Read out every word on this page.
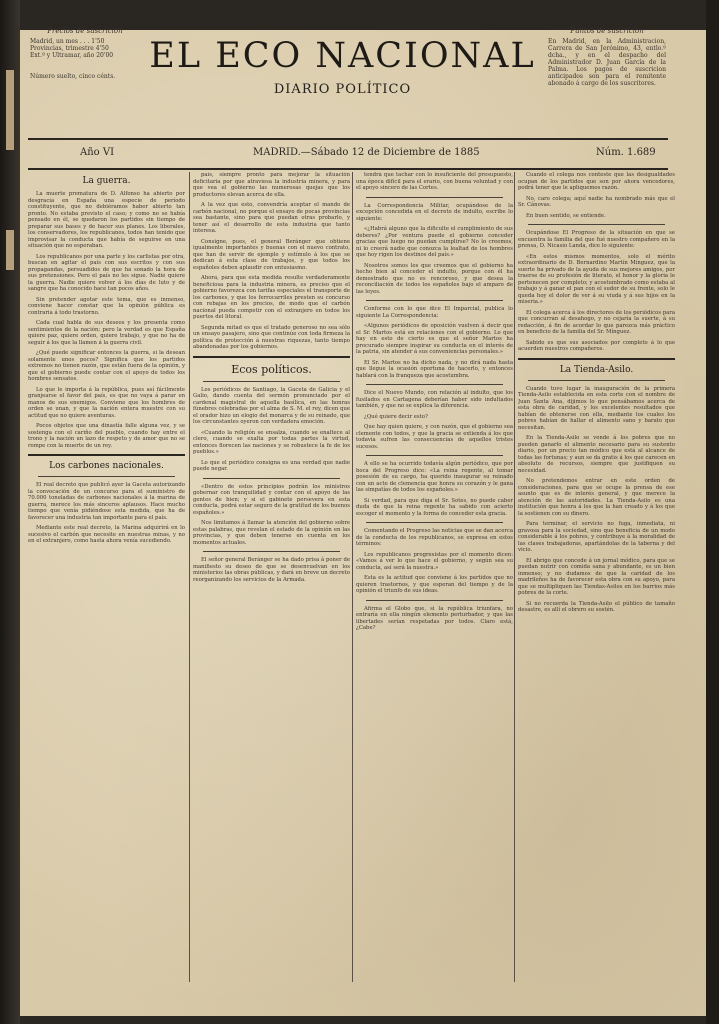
Precios de suscricion
Madrid, un mes . . . 1'50
Provincias, trimestre 4'50
Ext.º y Ultramar, año 20'00
Número suelto, cinco cénts.
EL ECO NACIONAL
DIARIO POLÍTICO
Puntos de suscricion
En Madrid, en la Administracion, Carrera de San Jerónimo, 43, entlo.º dcha., y en el despacho del Administrador D. Juan García de la Palma. Los pagos de suscricion anticipados son para el remitente abonado á cargo de los suscritores.
Año VI	MADRID.—Sábado 12 de Diciembre de 1885	Núm. 1.689
La guerra.

La muerte prematura de D. Alfonso ha abierto por desgracia en España una especie de período constituyente, que no debiéramos haber abierto tan pronto. No estaba previsto el caso; y como no se había pensado en él, se quedaron los partidos sin tiempo de preparar sus bases y de hacer sus planes. Los liberales, los conservadores, los republicanos, todos han tenido que improvisar la conducta que había de seguirse en una situación que no esperaban.

Los republicanos por una parte y los carlistas por otra, buscan en agitar el país con sus escritos y con sus propagandas, persuadidos de que ha sonado la hora de sus pretensiones. Pero el país no les sigue. Nadie quiere la guerra. Nadie quiere volver á los días de luto y de sangre que ha conocido hace tan pocos años.

Sin pretender agotar este tema, que es inmenso, conviene hacer constar que la opinión pública es contraria á todo trastorno.

Cada cual habla de sus deseos y los presenta como sentimientos de la nación; pero la verdad es que España quiere paz, quiere orden, quiere trabajo, y que no ha de seguir á los que la llamen á la guerra civil.

¿Qué puede significar entonces la guerra, si la desean solamente unos pocos? Significa que los partidos extremos no tienen razón, que están fuera de la opinión, y que el gobierno puede contar con el apoyo de todos los hombres sensatos.

Lo que le importa á la república, pues así fácilmente granjearse el favor del país, es que no vaya á parar en manos de sus enemigos. Conviene que los hombres de orden se unan, y que la nación entera muestre con su actitud que no quiere aventuras.

Pocos objetos que una dinastía falle alguna vez, y se sostenga con el cariño del pueblo, cuando hay entre el trono y la nación un lazo de respeto y de amor que no se rompe con la muerte de un rey.

Los carbones nacionales.

El real decreto que publicó ayer la Gaceta autorizando la convocación de un concurso para el suministro de 70.000 toneladas de carbones nacionales á la marina de guerra, merece los más sinceros aplausos. Hace mucho tiempo que venía pidiéndose esta medida, que ha de favorecer una industria tan importante para el país.

Mediante este real decreto, la Marina adquirirá en lo sucesivo el carbón que necesite en nuestras minas, y no en el extranjero, como hasta ahora venía sucediendo.

país, siempre pronto para mejorar la situación deficitaria por que atraviesa la industria minera, y para que vea el gobierno las numerosas quejas que los productores elevan acerca de ella.

A la vez que esto, convendría aceptar el mando de carbón nacional, no porque el ensayo de pocas provincias sea bastante, sino para que puedan otras probarlo, y tener así el desarrollo de esta industria que tanto interesa.

Consigne, pues, el general Beránger que obtiene igualmente importantes y buenas con el nuevo contrato, que han de servir de ejemplo y estímulo á los que se dedican á esta clase de trabajos, y que todos los españoles deben aplaudir con entusiasmo.

Ahora, para que esta medida resulte verdaderamente beneficiosa para la industria minera, es preciso que el gobierno favorezca con tarifas especiales el transporte de los carbones, y que los ferrocarriles presten su concurso con rebajas en los precios, de modo que el carbón nacional pueda competir con el extranjero en todos los puertos del litoral.

Segunda mitad es que el tratado generoso no sea sólo un ensayo pasajero, sino que continúe con toda firmeza la política de protección á nuestras riquezas, tanto tiempo abandonadas por los gobiernos.

Ecos políticos.

Los periódicos de Santiago, la Gaceta de Galicia y el Galio, dando cuenta del sermón pronunciado por el cardenal magistral de aquella basílica, en las honras fúnebres celebradas por el alma de S. M. el rey, dicen que el orador hizo un elogio del monarca y de su reinado, que los circunstantes oyeron con verdadera emoción.

«Cuando la religión se ensalza, cuando se enaltece al clero, cuando se exalta por todas partes la virtud, entonces florecen las naciones y se robustece la fe de los pueblos.»

Lo que el periódico consigna es una verdad que nadie puede negar.

«Dentro de estos principios podrán los ministros gobernar con tranquilidad y contar con el apoyo de las gentes de bien; y si el gabinete persevera en esta conducta, podrá estar seguro de la gratitud de los buenos españoles.»

Nos limitamos á llamar la atención del gobierno sobre estas palabras, que revelan el estado de la opinión en las provincias, y que deben tenerse en cuenta en los momentos actuales.

El señor general Beránger se ha dado prisa á poner de manifiesto su deseo de que se desenvuelvan en los ministerios las obras públicas, y dará en breve un decreto reorganizando los servicios de la Armada.

tendrá que tachar con lo insuficiente del presupuesto, una época difícil para el erario, con buena voluntad y con el apoyo sincero de las Cortes.

La Correspondencia Militar, ocupándose de la excepción concedida en el decreto de indulto, escribe lo siguiente:

«¿Habrá alguno que la dificulte el cumplimiento de sus deberes? ¿Por ventura puede el gobierno conceder gracias que luego no puedan cumplirse? No lo creemos, ni lo creerá nadie que conozca la lealtad de los hombres que hoy rigen los destinos del país.»

Nosotros somos los que creemos que el gobierno ha hecho bien al conceder el indulto, porque con él ha demostrado que no es rencoroso, y que desea la reconciliación de todos los españoles bajo el amparo de las leyes.

Conforme con lo que dice El Imparcial, publica lo siguiente La Correspondencia:

«Algunos periódicos de oposición vuelven á decir que el Sr. Martos está en relaciones con el gobierno. Lo que hay en esto de cierto es que el señor Martos ha procurado siempre inspirar su conducta en el interés de la patria, sin atender á sus conveniencias personales.»

El Sr. Martos no ha dicho nada, y no dirá nada hasta que llegue la ocasión oportuna de hacerlo, y entonces hablará con la franqueza que acostumbra.

Dice el Nuevo Mundo, con relación al indulto, que los fusilados en Cartagena deberían haber sido indultados también, y que no se explica la diferencia.

¿Qué quiere decir esto?

Que hay quien quiere, y con razón, que el gobierno sea clemente con todos, y que la gracia se extienda á los que todavía sufren las consecuencias de aquellos tristes sucesos.

A ello se ha ocurrido todavía algún periódico, que por boca del Progreso dice: «La reina regente, al tomar posesión de su cargo, ha querido inaugurar su reinado con un acto de clemencia que honra su corazón y le gana las simpatías de todos los españoles.»

Si verdad, para que diga el Sr. Sotes, no puede caber duda de que la reina regente ha sabido con acierto escoger el momento y la forma de conceder esta gracia.

Comentando el Progreso las noticias que se dan acerca de la conducta de los republicanos, se expresa en estos términos:

Los republicanos progresistas por el momento dicen: «Vamos á ver lo que hace el gobierno, y según sea su conducta, así será la nuestra.»

Esta es la actitud que conviene á los partidos que no quieren trastornos, y que esperan del tiempo y de la opinión el triunfo de sus ideas.

Afirma el Globo que, si la república triunfara, no entraría en ella ningún elemento perturbador, y que las libertades serían respetadas por todos. Claro está, ¿Cabe?

Cuando el colega nos conteste que las desigualdades ocupan de los partidos que son por ahora vencedores, podrá tener que le apliquemos razón.

No, caro colega; aquí nadie ha nombrado más que el Sr. Cánovas.

En buen sentido, se entiende.

Ocupándose El Progreso de la situación en que se encuentra la familia del que fué nuestro compañero en la prensa, D. Nicasio Landa, dice lo siguiente:

«En estos mismos momentos, solo el mérito extraordinario de D. Bernardino Martín Mínguez, que la suerte ha privado de la ayuda de sus mejores amigos, por traerse de su profesión de literato, el honor y la gloria le pertenecen por completo; y acostumbrado como estaba al trabajo y á ganar el pan con el sudor de su frente, solo le queda hoy el dolor de ver á su viuda y á sus hijos en la miseria.»

El colega acerca á los directores de los periódicos para que concurran al desahogo, y no cejaría la suerte, á su redacción, á fin de acordar lo que parezca más práctico en beneficio de la familia del Sr. Mínguez.

Sabido es que sus asociados por completo á lo que acuerden nuestros compañeros.

La Tienda-Asilo.

Cuando tuvo lugar la inauguración de la primera Tienda-Asilo establecida en esta corte con el nombre de Juan Santa Ana, dijimos lo que pensábamos acerca de esta obra de caridad, y los excelentes resultados que habían de obtenerse con ella, mediante los cuales los pobres habían de hallar el alimento sano y barato que necesitan.

En la Tienda-Asilo se vende á los pobres que no pueden ganarlo el alimento necesario para su sustento diario, por un precio tan módico que está al alcance de todas las fortunas; y aun se da gratis á los que carecen en absoluto de recursos, siempre que justifiquen su necesidad.

No pretendemos entrar en este orden de consideraciones, para que se ocupe la prensa de ese asunto que es de interés general, y que merece la atención de las autoridades. La Tienda-Asilo es una institución que honra á los que la han creado y á los que la sostienen con su dinero.

Para terminar, el servicio no fuga, inmediata, ni gravosa para la sociedad, sino que beneficia de un modo considerable á los pobres, y contribuye á la moralidad de las clases trabajadoras, apartándolas de la taberna y del vicio.

El abrigo que concede á un jornal módico, para que se puedan nutrir con comida sana y abundante, es un bien inmenso; y no dudamos de que la caridad de los madrileños ha de favorecer esta obra con su apoyo, para que se multipliquen las Tiendas-Asilos en los barrios más pobres de la corte.

Si no recuerda la Tienda-Asilo el público de tamaño desastre, es allí el obrero su sostén.
